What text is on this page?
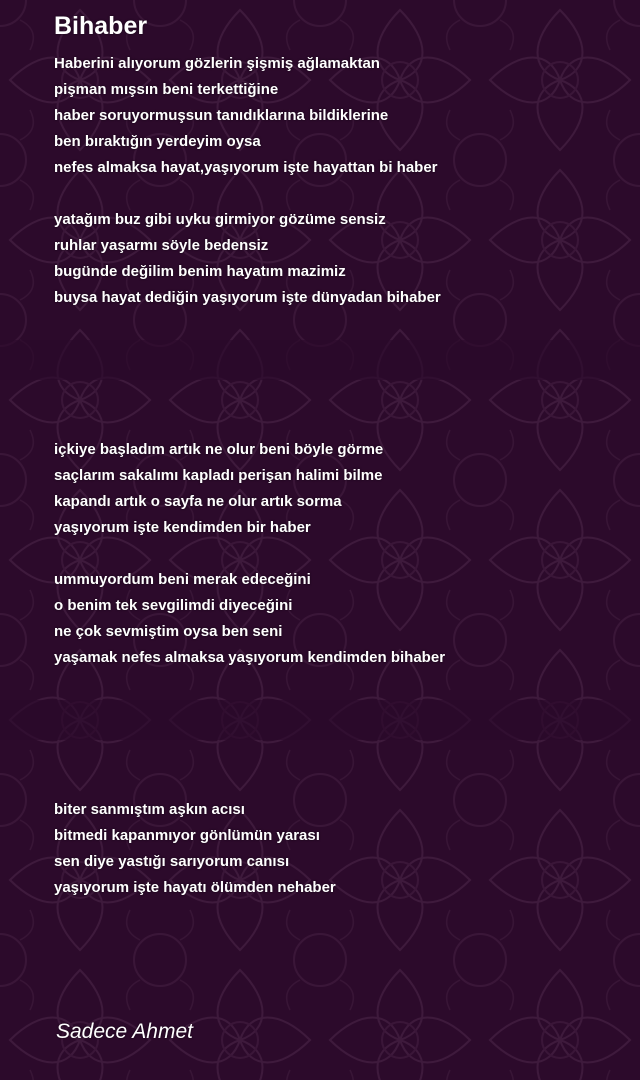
Bihaber
Haberini alıyorum gözlerin şişmiş ağlamaktan
pişman mışsın beni terkettiğine
haber soruyormuşsun tanıdıklarına bildiklerine
ben bıraktığın yerdeyim oysa
nefes almaksa hayat,yaşıyorum işte hayattan bi haber
yatağım buz gibi uyku girmiyor gözüme sensiz
ruhlar yaşarmı söyle bedensiz
bugünde değilim benim hayatım mazimiz
buysa hayat dediğin yaşıyorum işte dünyadan bihaber
içkiye başladım artık ne olur beni böyle görme
saçlarım sakalımı kapladı perişan halimi bilme
kapandı artık o sayfa ne olur artık sorma
yaşıyorum işte kendimden bir haber
ummuyordum beni merak edeceğini
o benim tek sevgilimdi diyeceğini
ne çok sevmiştim oysa ben seni
yaşamak nefes almaksa yaşıyorum kendimden bihaber
biter sanmıştım aşkın acısı
bitmedi kapanmıyor gönlümün yarası
sen diye yastığı sarıyorum canısı
yaşıyorum işte hayatı ölümden nehaber
Sadece Ahmet
